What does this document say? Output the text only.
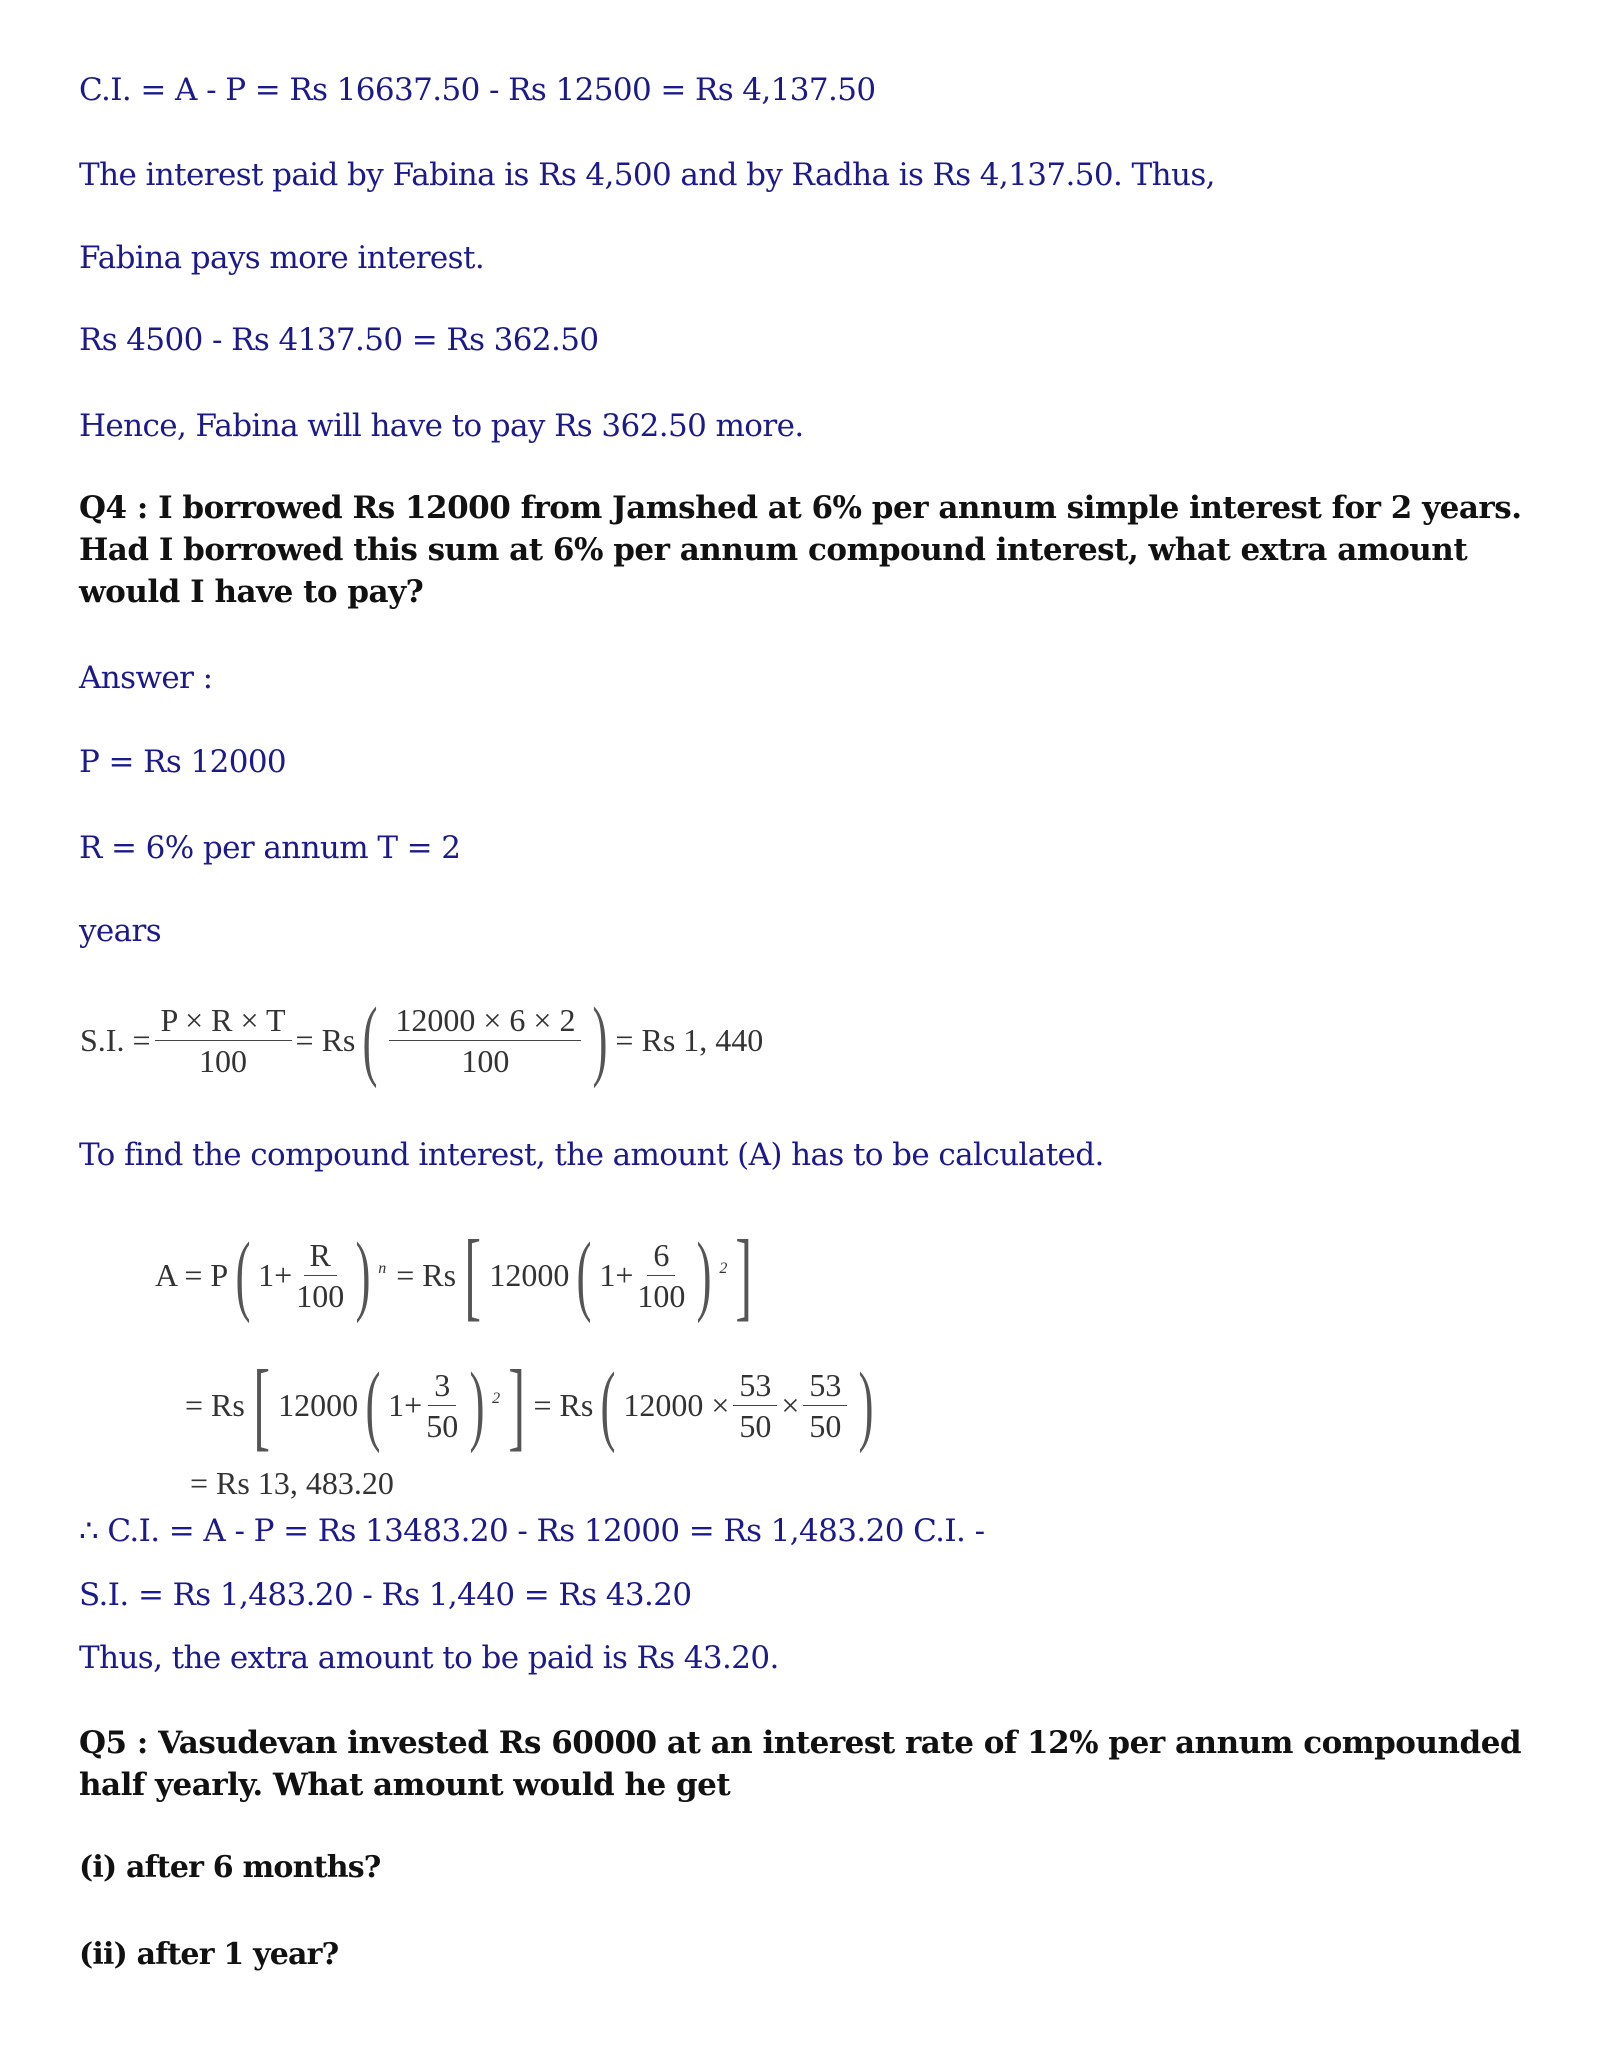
C.I. = A - P = Rs 16637.50 - Rs 12500 = Rs 4,137.50
The interest paid by Fabina is Rs 4,500 and by Radha is Rs 4,137.50. Thus,
Fabina pays more interest.
Rs 4500 - Rs 4137.50 = Rs 362.50
Hence, Fabina will have to pay Rs 362.50 more.
Q4 : I borrowed Rs 12000 from Jamshed at 6% per annum simple interest for 2 years. Had I borrowed this sum at 6% per annum compound interest, what extra amount would I have to pay?
Answer :
P = Rs 12000
R = 6% per annum T = 2
years
S.I. = $\frac{P \times R \times T}{100} = Rs$ ( $\frac{12000 \times 6 \times 2}{100}$ ) = Rs 1, 440
To find the compound interest, the amount (A) has to be calculated.
A = P ( $1+ \frac{R}{100}$ ) n = Rs [ 12000 ( $1+ \frac{6}{100}$ ) 2 ]
= Rs [ 12000 ( $1+ \frac{3}{50}$ ) 2 ] = Rs ( $12000 \times \frac{53}{50} \times \frac{53}{50}$ )
= Rs 13, 483.20
∴ C.I. = A - P = Rs 13483.20 - Rs 12000 = Rs 1,483.20 C.I. -
S.I. = Rs 1,483.20 - Rs 1,440 = Rs 43.20
Thus, the extra amount to be paid is Rs 43.20.
Q5 : Vasudevan invested Rs 60000 at an interest rate of 12% per annum compounded half yearly. What amount would he get
(i) after 6 months?
(ii) after 1 year?
